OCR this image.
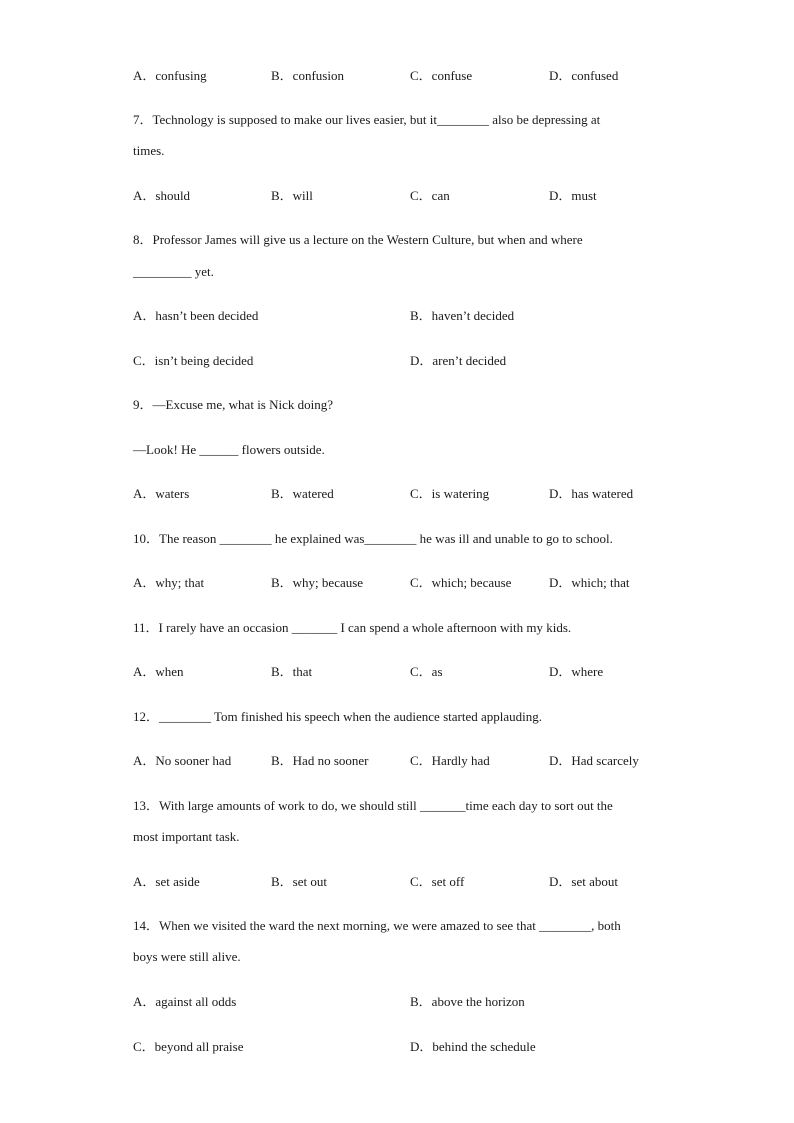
A．confusing	B．confusion	C．confuse	D．confused
7．Technology is supposed to make our lives easier, but it________ also be depressing at
times.
A．should	B．will	C．can	D．must
8．Professor James will give us a lecture on the Western Culture, but when and where
_________ yet.
A．hasn’t been decided	B．haven’t decided
C．isn’t being decided	D．aren’t decided
9．—Excuse me, what is Nick doing?
—Look! He ______ flowers outside.
A．waters	B．watered	C．is watering	D．has watered
10．The reason ________ he explained was________ he was ill and unable to go to school.
A．why; that	B．why; because	C．which; because	D．which; that
11．I rarely have an occasion _______ I can spend a whole afternoon with my kids.
A．when	B．that	C．as	D．where
12．________ Tom finished his speech when the audience started applauding.
A．No sooner had	B．Had no sooner	C．Hardly had	D．Had scarcely
13．With large amounts of work to do, we should still _______time each day to sort out the
most important task.
A．set aside	B．set out	C．set off	D．set about
14．When we visited the ward the next morning, we were amazed to see that ________, both
boys were still alive.
A．against all odds	B．above the horizon
C．beyond all praise	D．behind the schedule
